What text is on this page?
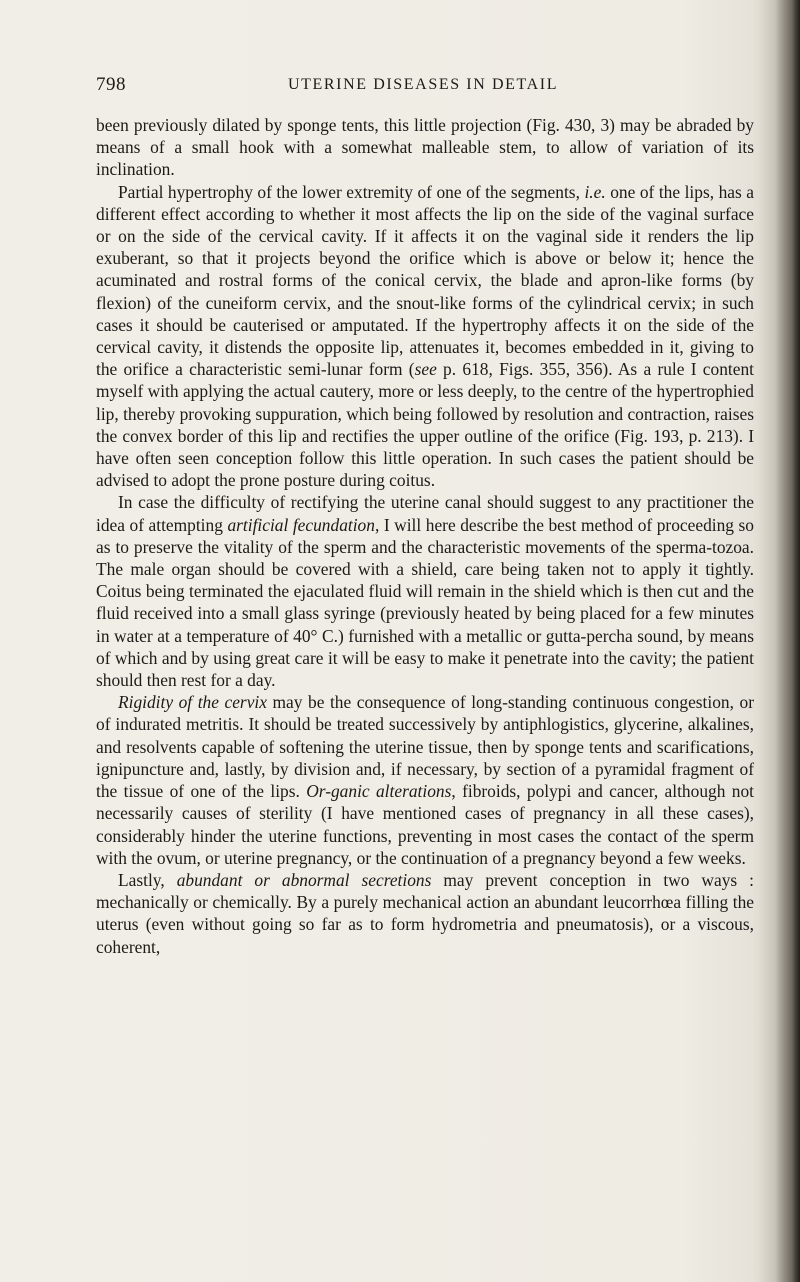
798	UTERINE DISEASES IN DETAIL

been previously dilated by sponge tents, this little projection (Fig. 430, 3) may be abraded by means of a small hook with a somewhat malleable stem, to allow of variation of its inclination.

Partial hypertrophy of the lower extremity of one of the segments, i.e. one of the lips, has a different effect according to whether it most affects the lip on the side of the vaginal surface or on the side of the cervical cavity. If it affects it on the vaginal side it renders the lip exuberant, so that it projects beyond the orifice which is above or below it; hence the acuminated and rostral forms of the conical cervix, the blade and apron-like forms (by flexion) of the cuneiform cervix, and the snout-like forms of the cylindrical cervix; in such cases it should be cauterised or amputated. If the hypertrophy affects it on the side of the cervical cavity, it distends the opposite lip, attenuates it, becomes embedded in it, giving to the orifice a characteristic semi-lunar form (see p. 618, Figs. 355, 356). As a rule I content myself with applying the actual cautery, more or less deeply, to the centre of the hypertrophied lip, thereby provoking suppuration, which being followed by resolution and contraction, raises the convex border of this lip and rectifies the upper outline of the orifice (Fig. 193, p. 213). I have often seen conception follow this little operation. In such cases the patient should be advised to adopt the prone posture during coitus.

In case the difficulty of rectifying the uterine canal should suggest to any practitioner the idea of attempting artificial fecundation, I will here describe the best method of proceeding so as to preserve the vitality of the sperm and the characteristic movements of the sperma-tozoa. The male organ should be covered with a shield, care being taken not to apply it tightly. Coitus being terminated the ejaculated fluid will remain in the shield which is then cut and the fluid received into a small glass syringe (previously heated by being placed for a few minutes in water at a temperature of 40° C.) furnished with a metallic or gutta-percha sound, by means of which and by using great care it will be easy to make it penetrate into the cavity; the patient should then rest for a day.

Rigidity of the cervix may be the consequence of long-standing continuous congestion, or of indurated metritis. It should be treated successively by antiphlogistics, glycerine, alkalines, and resolvents capable of softening the uterine tissue, then by sponge tents and scarifications, ignipuncture and, lastly, by division and, if necessary, by section of a pyramidal fragment of the tissue of one of the lips. Or-ganic alterations, fibroids, polypi and cancer, although not necessarily causes of sterility (I have mentioned cases of pregnancy in all these cases), considerably hinder the uterine functions, preventing in most cases the contact of the sperm with the ovum, or uterine pregnancy, or the continuation of a pregnancy beyond a few weeks.

Lastly, abundant or abnormal secretions may prevent conception in two ways : mechanically or chemically. By a purely mechanical action an abundant leucorrhœa filling the uterus (even without going so far as to form hydrometria and pneumatosis), or a viscous, coherent,
